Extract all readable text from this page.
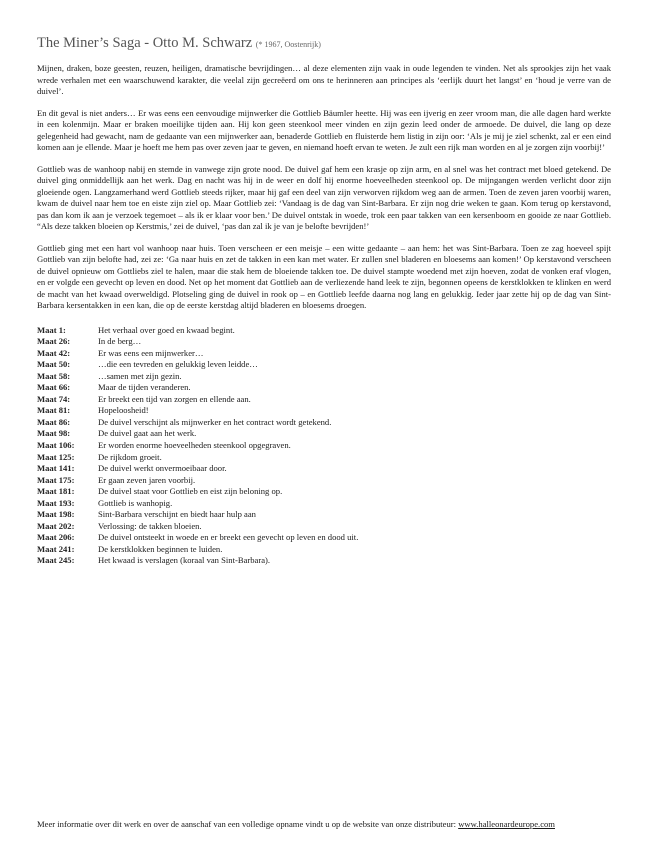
The Miner’s Saga - Otto M. Schwarz (* 1967, Oostenrijk)

Mijnen, draken, boze geesten, reuzen, heiligen, dramatische bevrijdingen… al deze elementen zijn vaak in oude legenden te vinden. Net als sprookjes zijn het vaak wrede verhalen met een waarschuwend karakter, die veelal zijn gecreëerd om ons te herinneren aan principes als ‘eerlijk duurt het langst’ en ‘houd je verre van de duivel’.

En dit geval is niet anders… Er was eens een eenvoudige mijnwerker die Gottlieb Bäumler heette. Hij was een ijverig en zeer vroom man, die alle dagen hard werkte in een kolenmijn. Maar er braken moeilijke tijden aan. Hij kon geen steenkool meer vinden en zijn gezin leed onder de armoede. De duivel, die lang op deze gelegenheid had gewacht, nam de gedaante van een mijnwerker aan, benaderde Gottlieb en fluisterde hem listig in zijn oor: ‘Als je mij je ziel schenkt, zal er een eind komen aan je ellende. Maar je hoeft me hem pas over zeven jaar te geven, en niemand hoeft ervan te weten. Je zult een rijk man worden en al je zorgen zijn voorbij!’

Gottlieb was de wanhoop nabij en stemde in vanwege zijn grote nood. De duivel gaf hem een krasje op zijn arm, en al snel was het contract met bloed getekend. De duivel ging onmiddellijk aan het werk. Dag en nacht was hij in de weer en dolf hij enorme hoeveelheden steenkool op. De mijngangen werden verlicht door zijn gloeiende ogen. Langzamerhand werd Gottlieb steeds rijker, maar hij gaf een deel van zijn verworven rijkdom weg aan de armen. Toen de zeven jaren voorbij waren, kwam de duivel naar hem toe en eiste zijn ziel op. Maar Gottlieb zei: ‘Vandaag is de dag van Sint-Barbara. Er zijn nog drie weken te gaan. Kom terug op kerstavond, pas dan kom ik aan je verzoek tegemoet – als ik er klaar voor ben.’ De duivel ontstak in woede, trok een paar takken van een kersenboom en gooide ze naar Gottlieb. “Als deze takken bloeien op Kerstmis,’ zei de duivel, ‘pas dan zal ik je van je belofte bevrijden!’

Gottlieb ging met een hart vol wanhoop naar huis. Toen verscheen er een meisje – een witte gedaante – aan hem: het was Sint-Barbara. Toen ze zag hoeveel spijt Gottlieb van zijn belofte had, zei ze: ‘Ga naar huis en zet de takken in een kan met water. Er zullen snel bladeren en bloesems aan komen!’ Op kerstavond verscheen de duivel opnieuw om Gottliebs ziel te halen, maar die stak hem de bloeiende takken toe. De duivel stampte woedend met zijn hoeven, zodat de vonken eraf vlogen, en er volgde een gevecht op leven en dood. Net op het moment dat Gottlieb aan de verliezende hand leek te zijn, begonnen opeens de kerstklokken te klinken en werd de macht van het kwaad overweldigd. Plotseling ging de duivel in rook op – en Gottlieb leefde daarna nog lang en gelukkig. Ieder jaar zette hij op de dag van Sint-Barbara kersentakken in een kan, die op de eerste kerstdag altijd bladeren en bloesems droegen.

Maat 1:	Het verhaal over goed en kwaad begint.
Maat 26:	In de berg…
Maat 42:	Er was eens een mijnwerker…
Maat 50:	…die een tevreden en gelukkig leven leidde…
Maat 58:	…samen met zijn gezin.
Maat 66:	Maar de tijden veranderen.
Maat 74:	Er breekt een tijd van zorgen en ellende aan.
Maat 81:	Hopeloosheid!
Maat 86:	De duivel verschijnt als mijnwerker en het contract wordt getekend.
Maat 98:	De duivel gaat aan het werk.
Maat 106:	Er worden enorme hoeveelheden steenkool opgegraven.
Maat 125:	De rijkdom groeit.
Maat 141:	De duivel werkt onvermoeibaar door.
Maat 175:	Er gaan zeven jaren voorbij.
Maat 181:	De duivel staat voor Gottlieb en eist zijn beloning op.
Maat 193:	Gottlieb is wanhopig.
Maat 198:	Sint-Barbara verschijnt en biedt haar hulp aan
Maat 202:	Verlossing: de takken bloeien.
Maat 206:	De duivel ontsteekt in woede en er breekt een gevecht op leven en dood uit.
Maat 241:	De kerstklokken beginnen te luiden.
Maat 245:	Het kwaad is verslagen (koraal van Sint-Barbara).
Meer informatie over dit werk en over de aanschaf van een volledige opname vindt u op de website van onze distributeur: www.halleonardeurope.com
